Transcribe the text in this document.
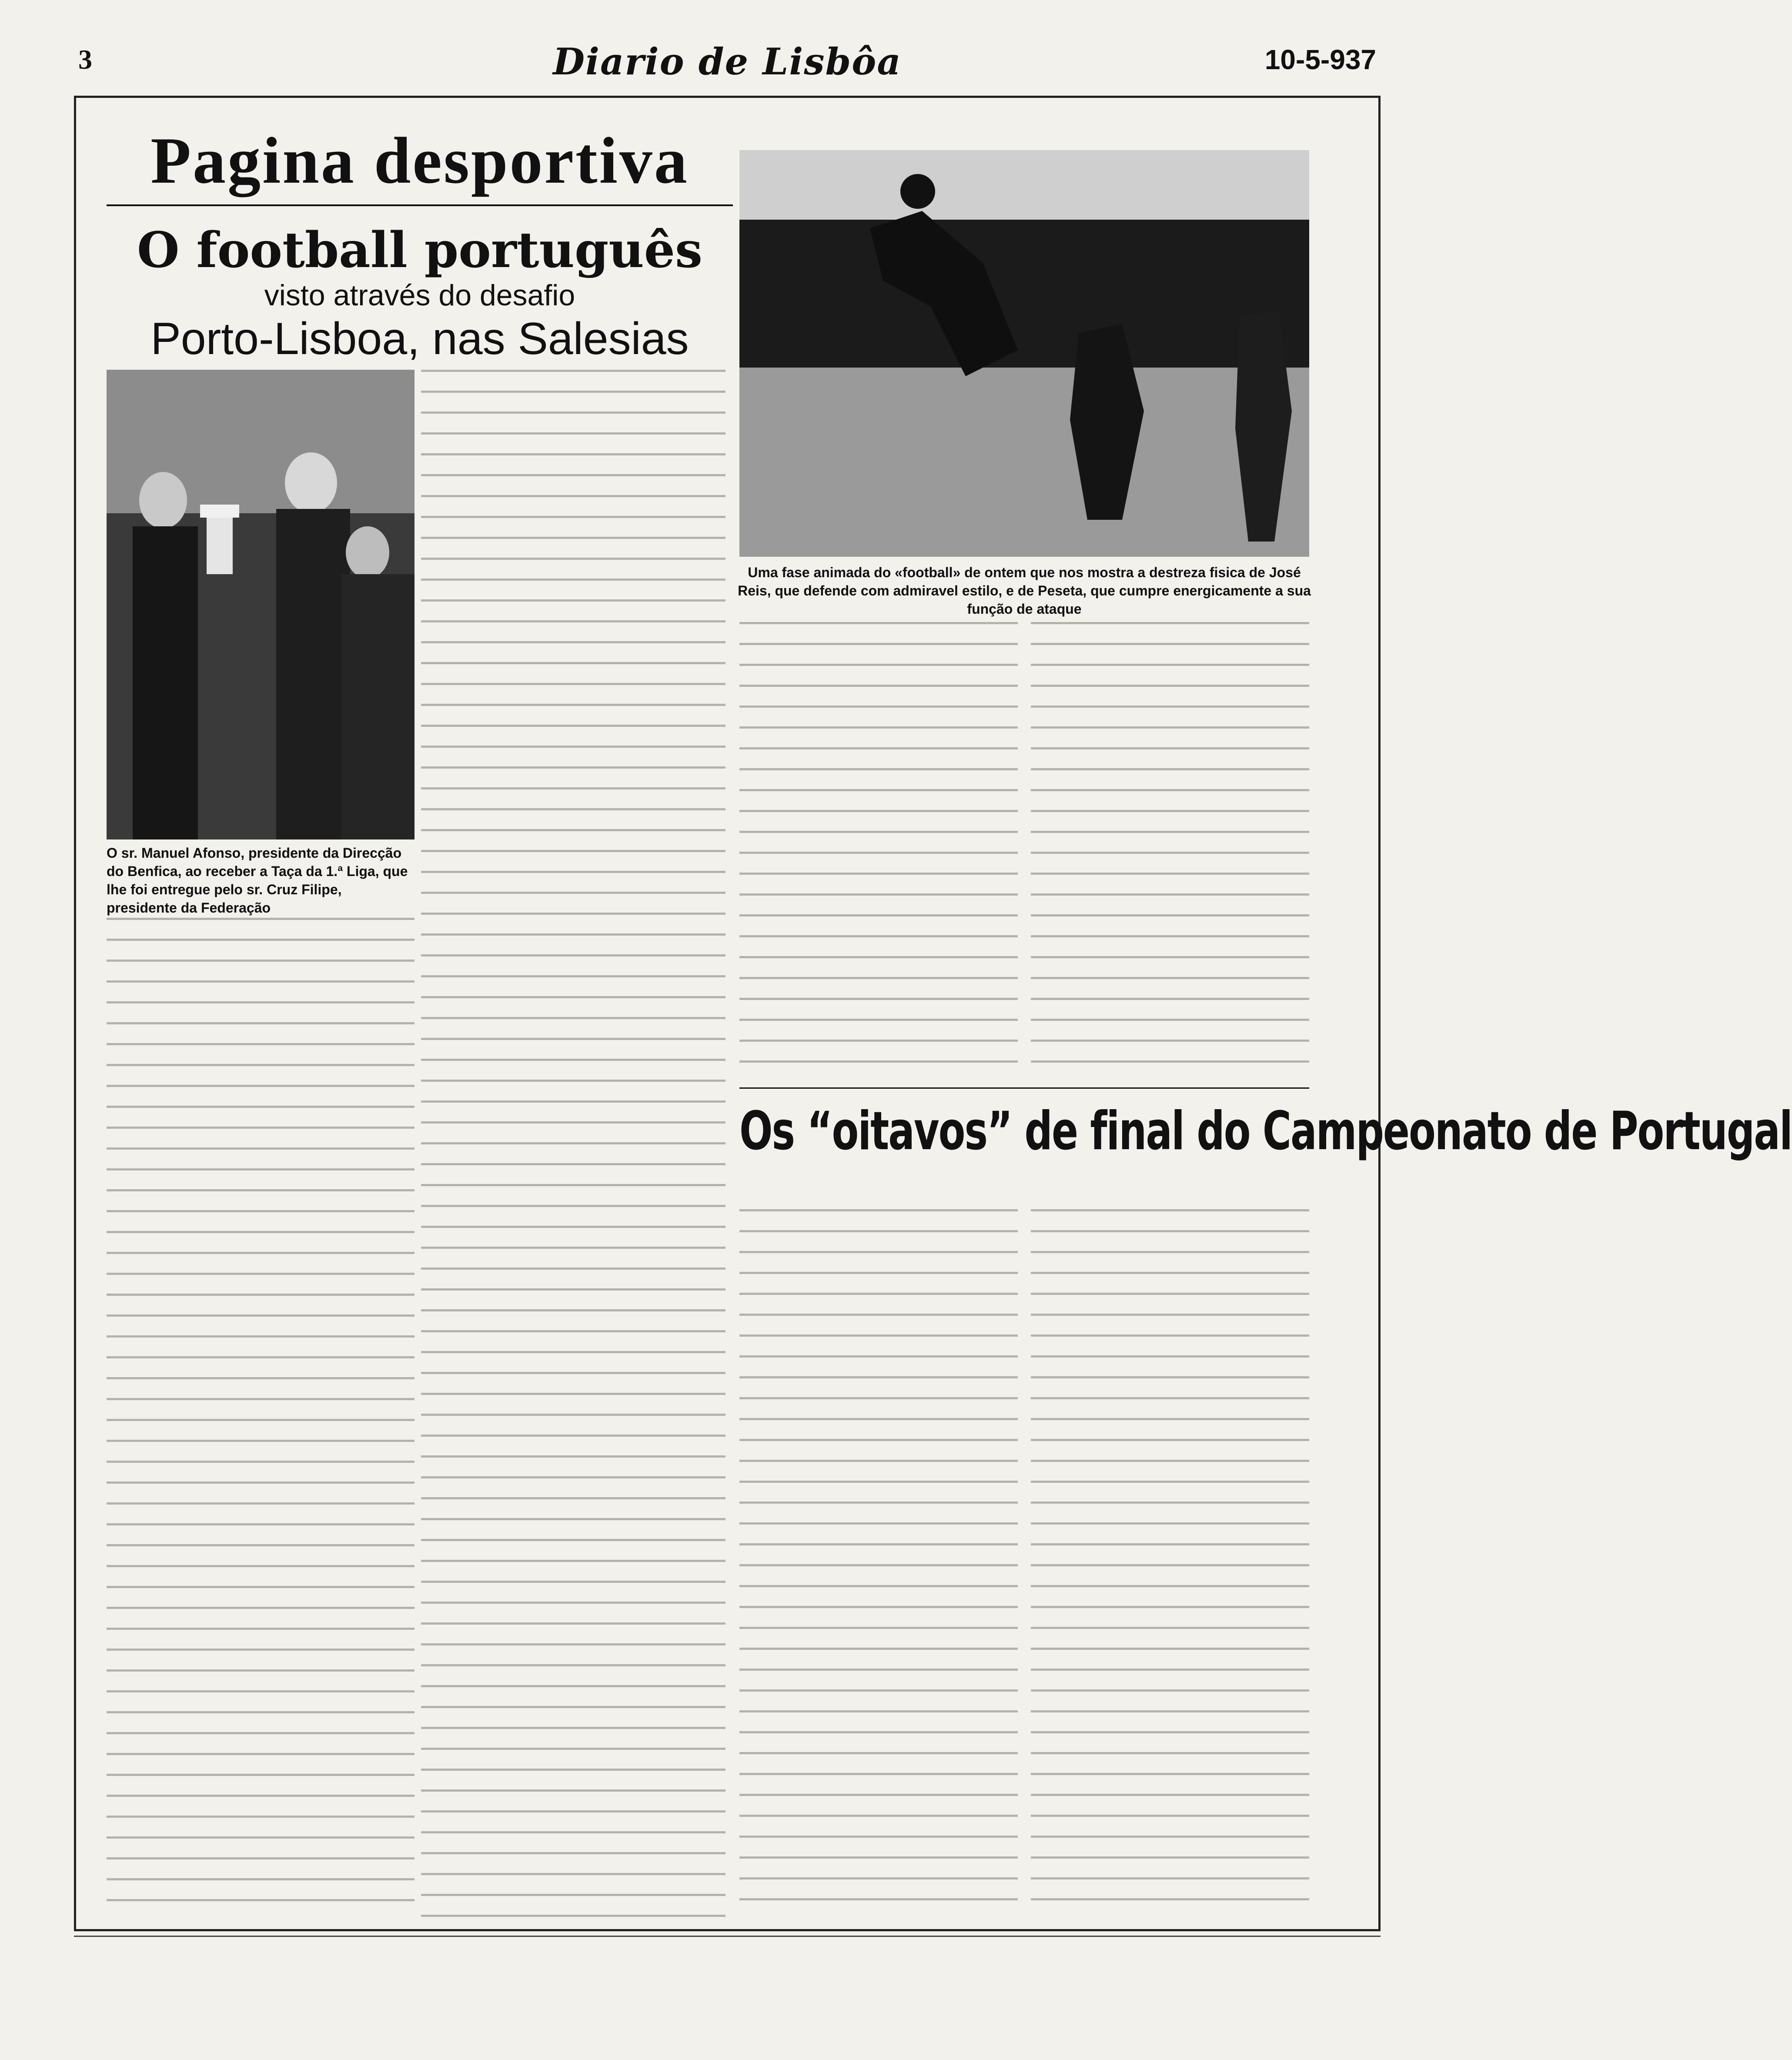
3	Diario de Lisbôa	10-5-937
Pagina desportiva
O football português
visto através do desafio
Porto-Lisboa, nas Salesias
O sr. Manuel Afonso, presidente da Direcção do Benfica, ao receber a Taça da 1.ª Liga, que lhe foi entregue pelo sr. Cruz Filipe, presidente da Federação
Uma fase animada do «football» de ontem que nos mostra a destreza fisica de José Reis, que defende com admiravel estilo, e de Peseta, que cumpre energicamente a sua função de ataque
Os “oitavos” de final do Campeonato de Portugal
